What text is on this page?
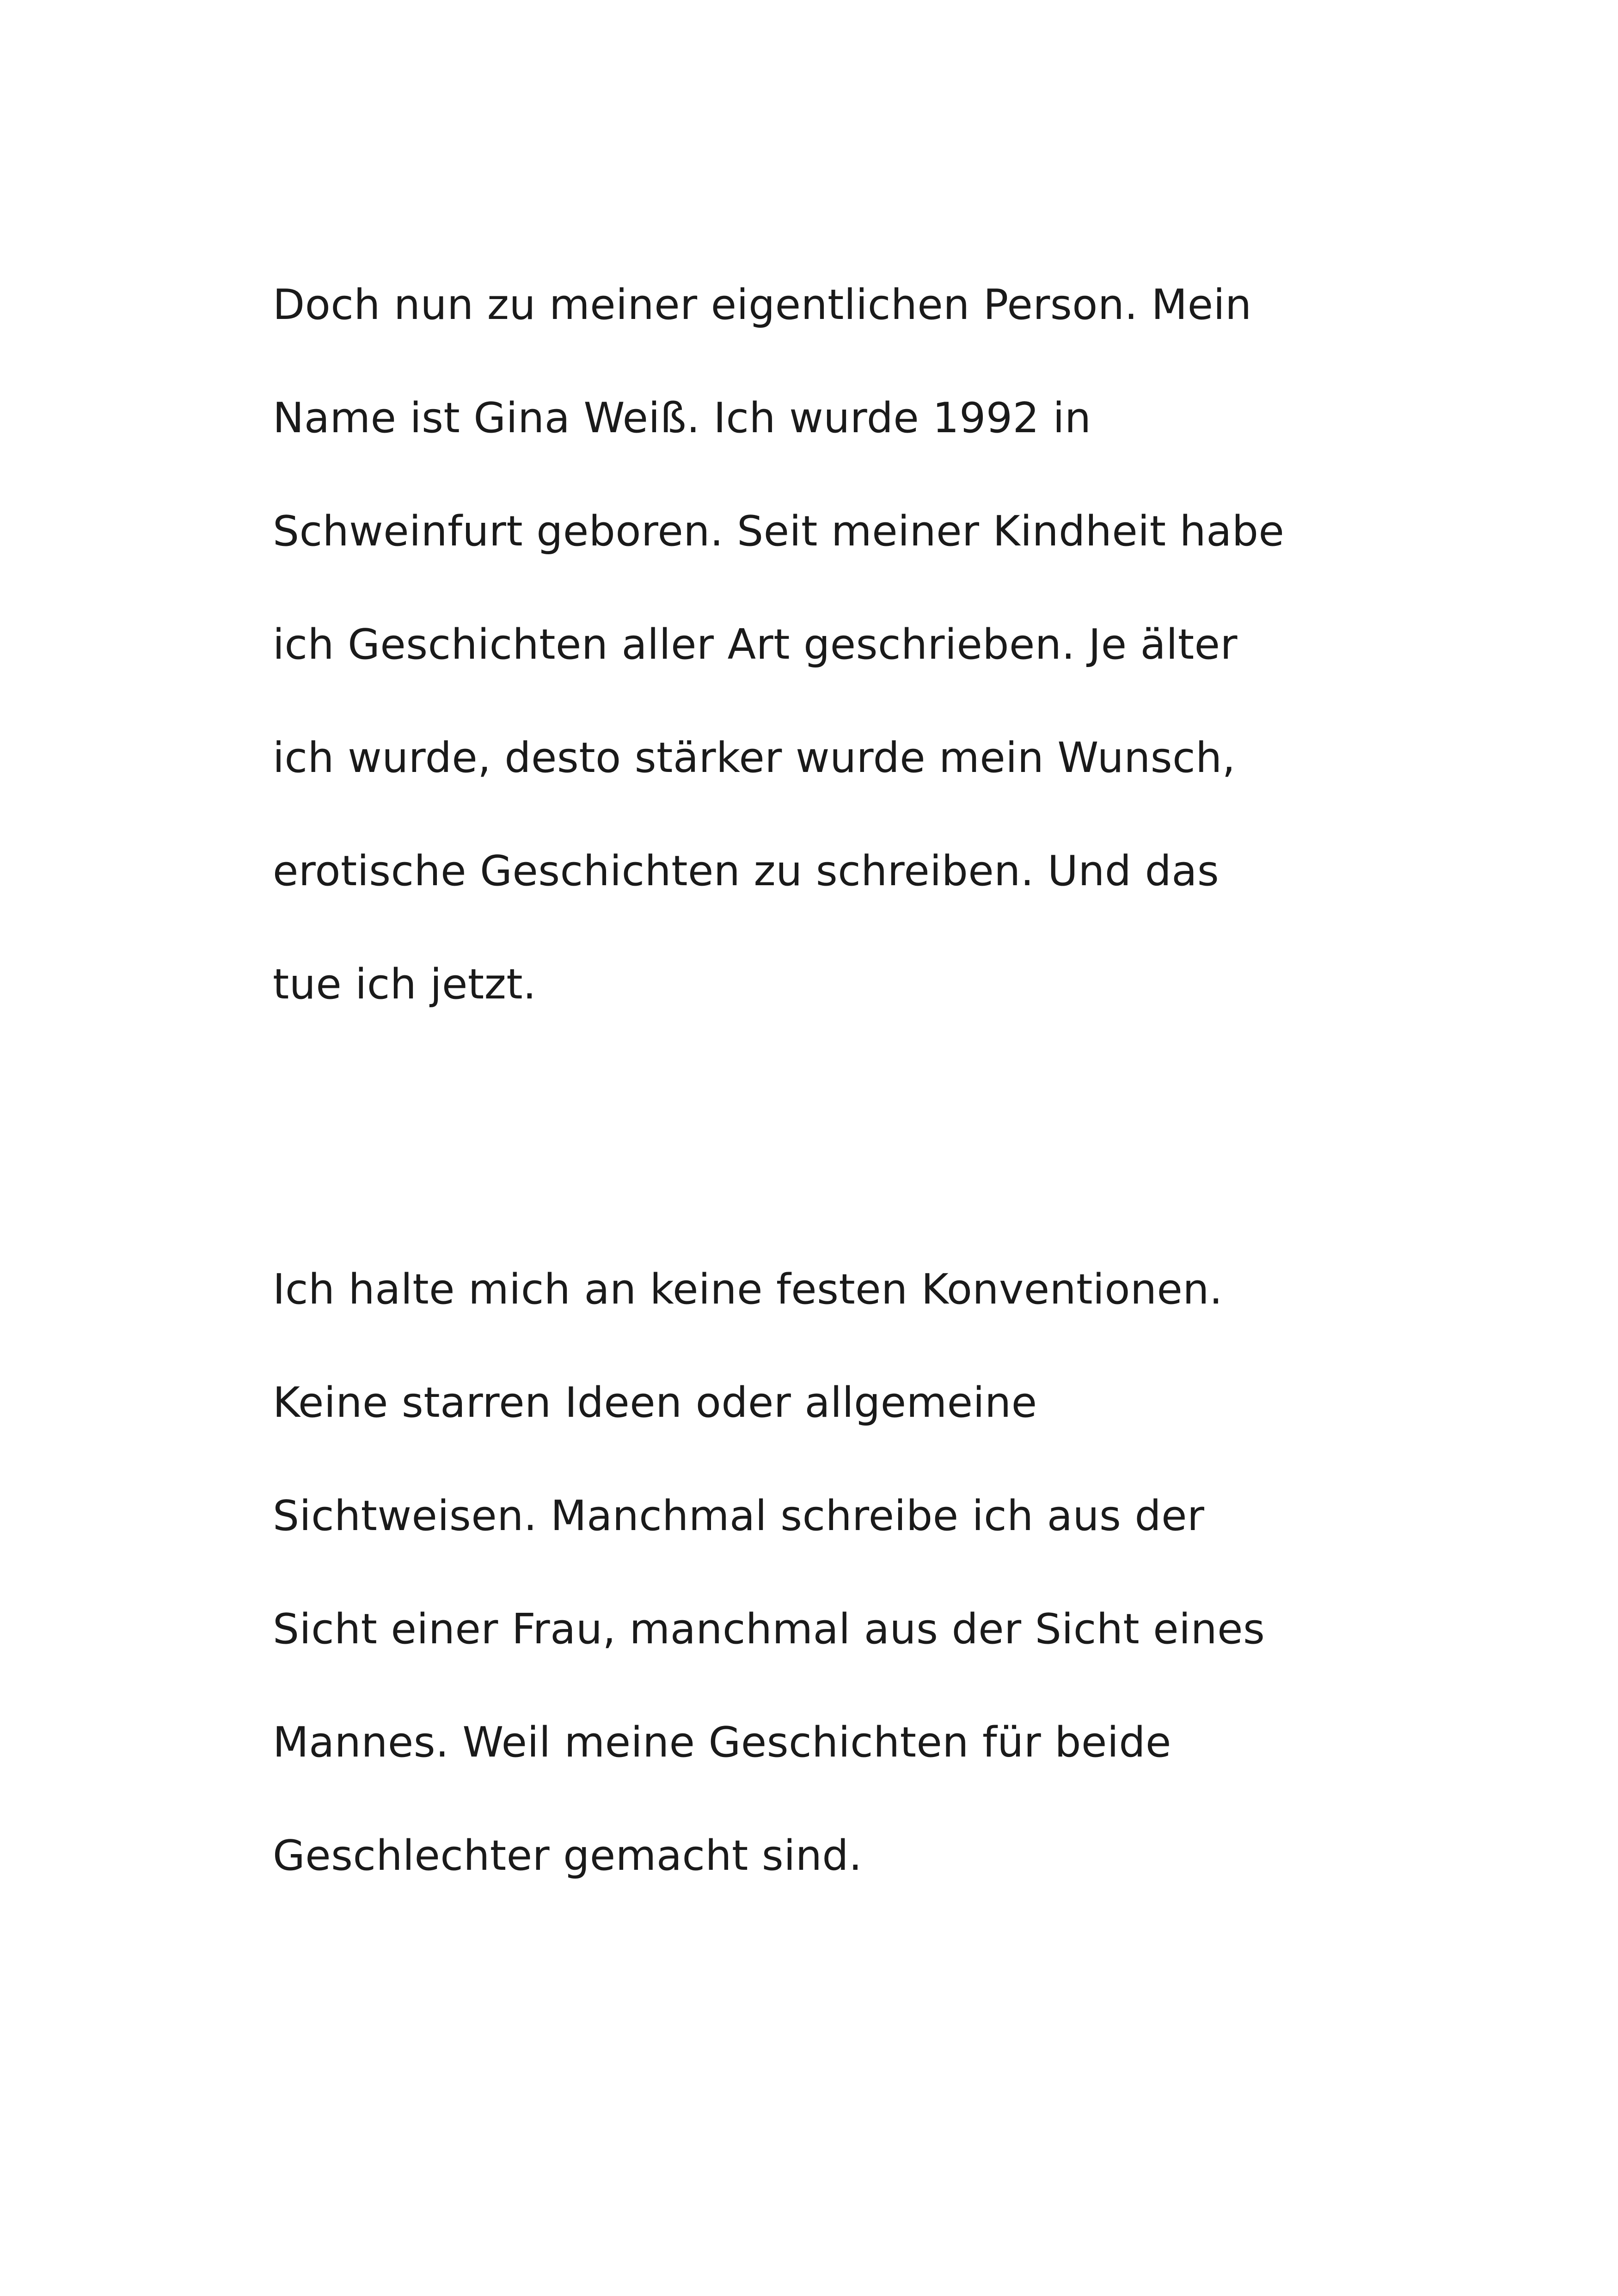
Doch nun zu meiner eigentlichen Person. Mein
Name ist Gina Weiß. Ich wurde 1992 in
Schweinfurt geboren. Seit meiner Kindheit habe
ich Geschichten aller Art geschrieben. Je älter
ich wurde, desto stärker wurde mein Wunsch,
erotische Geschichten zu schreiben. Und das
tue ich jetzt.
Ich halte mich an keine festen Konventionen.
Keine starren Ideen oder allgemeine
Sichtweisen. Manchmal schreibe ich aus der
Sicht einer Frau, manchmal aus der Sicht eines
Mannes. Weil meine Geschichten für beide
Geschlechter gemacht sind.
